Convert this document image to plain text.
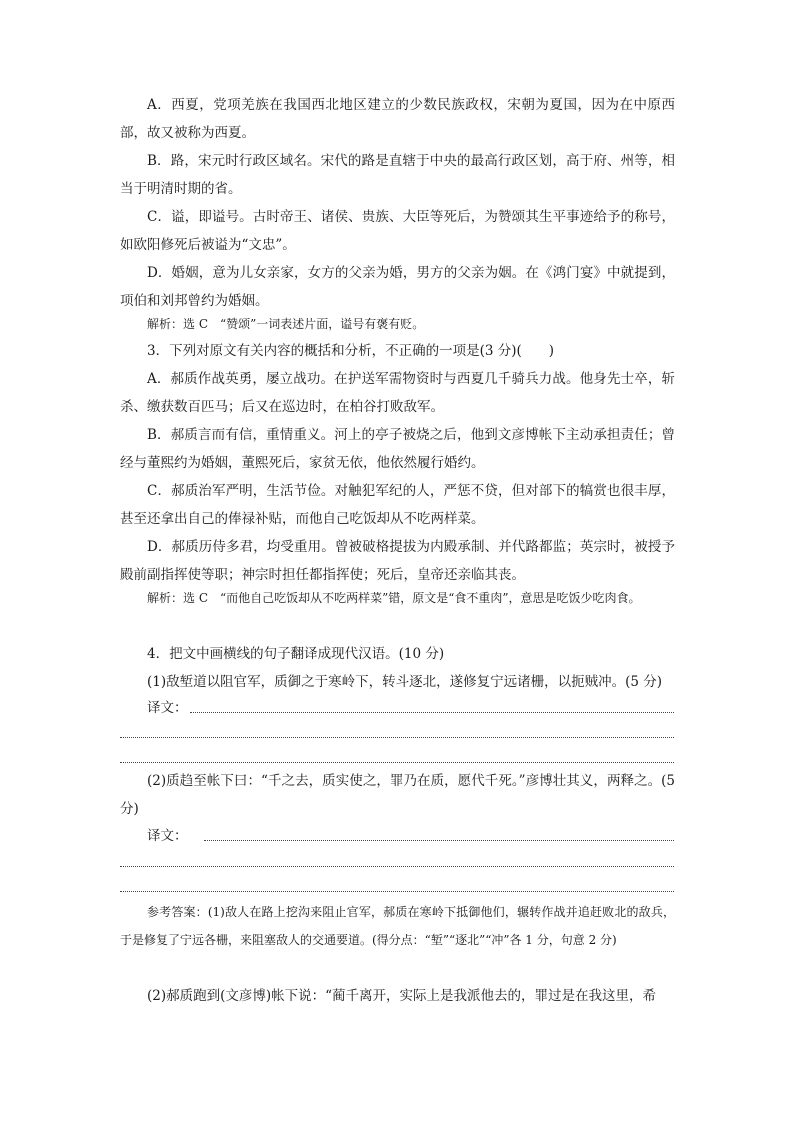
A．西夏，党项羌族在我国西北地区建立的少数民族政权，宋朝为夏国，因为在中原西部，故又被称为西夏。

B．路，宋元时行政区域名。宋代的路是直辖于中央的最高行政区划，高于府、州等，相当于明清时期的省。

C．谥，即谥号。古时帝王、诸侯、贵族、大臣等死后，为赞颂其生平事迹给予的称号，如欧阳修死后被谥为“文忠”。

D．婚姻，意为儿女亲家，女方的父亲为婚，男方的父亲为姻。在《鸿门宴》中就提到，项伯和刘邦曾约为婚姻。

解析：选 C　“赞颂”一词表述片面，谥号有褒有贬。

3．下列对原文有关内容的概括和分析，不正确的一项是(3 分)(　　)

A．郝质作战英勇，屡立战功。在护送军需物资时与西夏几千骑兵力战。他身先士卒，斩杀、缴获数百匹马；后又在巡边时，在柏谷打败敌军。

B．郝质言而有信，重情重义。河上的亭子被烧之后，他到文彦博帐下主动承担责任；曾经与董熙约为婚姻，董熙死后，家贫无依，他依然履行婚约。

C．郝质治军严明，生活节俭。对触犯军纪的人，严惩不贷，但对部下的犒赏也很丰厚，甚至还拿出自己的俸禄补贴，而他自己吃饭却从不吃两样菜。

D．郝质历侍多君，均受重用。曾被破格提拔为内殿承制、并代路都监；英宗时，被授予殿前副指挥使等职；神宗时担任都指挥使；死后，皇帝还亲临其丧。

解析：选 C　“而他自己吃饭却从不吃两样菜”错，原文是“食不重肉”，意思是吃饭少吃肉食。

4．把文中画横线的句子翻译成现代汉语。(10 分)

(1)敌堑道以阻官军，质御之于寒岭下，转斗逐北，遂修复宁远诸栅，以扼贼冲。(5 分)

译文：

(2)质趋至帐下曰：“千之去，质实使之，罪乃在质，愿代千死。”彦博壮其义，两释之。(5 分)

译文：

参考答案：(1)敌人在路上挖沟来阻止官军，郝质在寒岭下抵御他们，辗转作战并追赶败北的敌兵，于是修复了宁远各栅，来阻塞敌人的交通要道。(得分点：“堑”“逐北”“冲”各 1 分，句意 2 分)

(2)郝质跑到(文彦博)帐下说：“蔺千离开，实际上是我派他去的，罪过是在我这里，希
